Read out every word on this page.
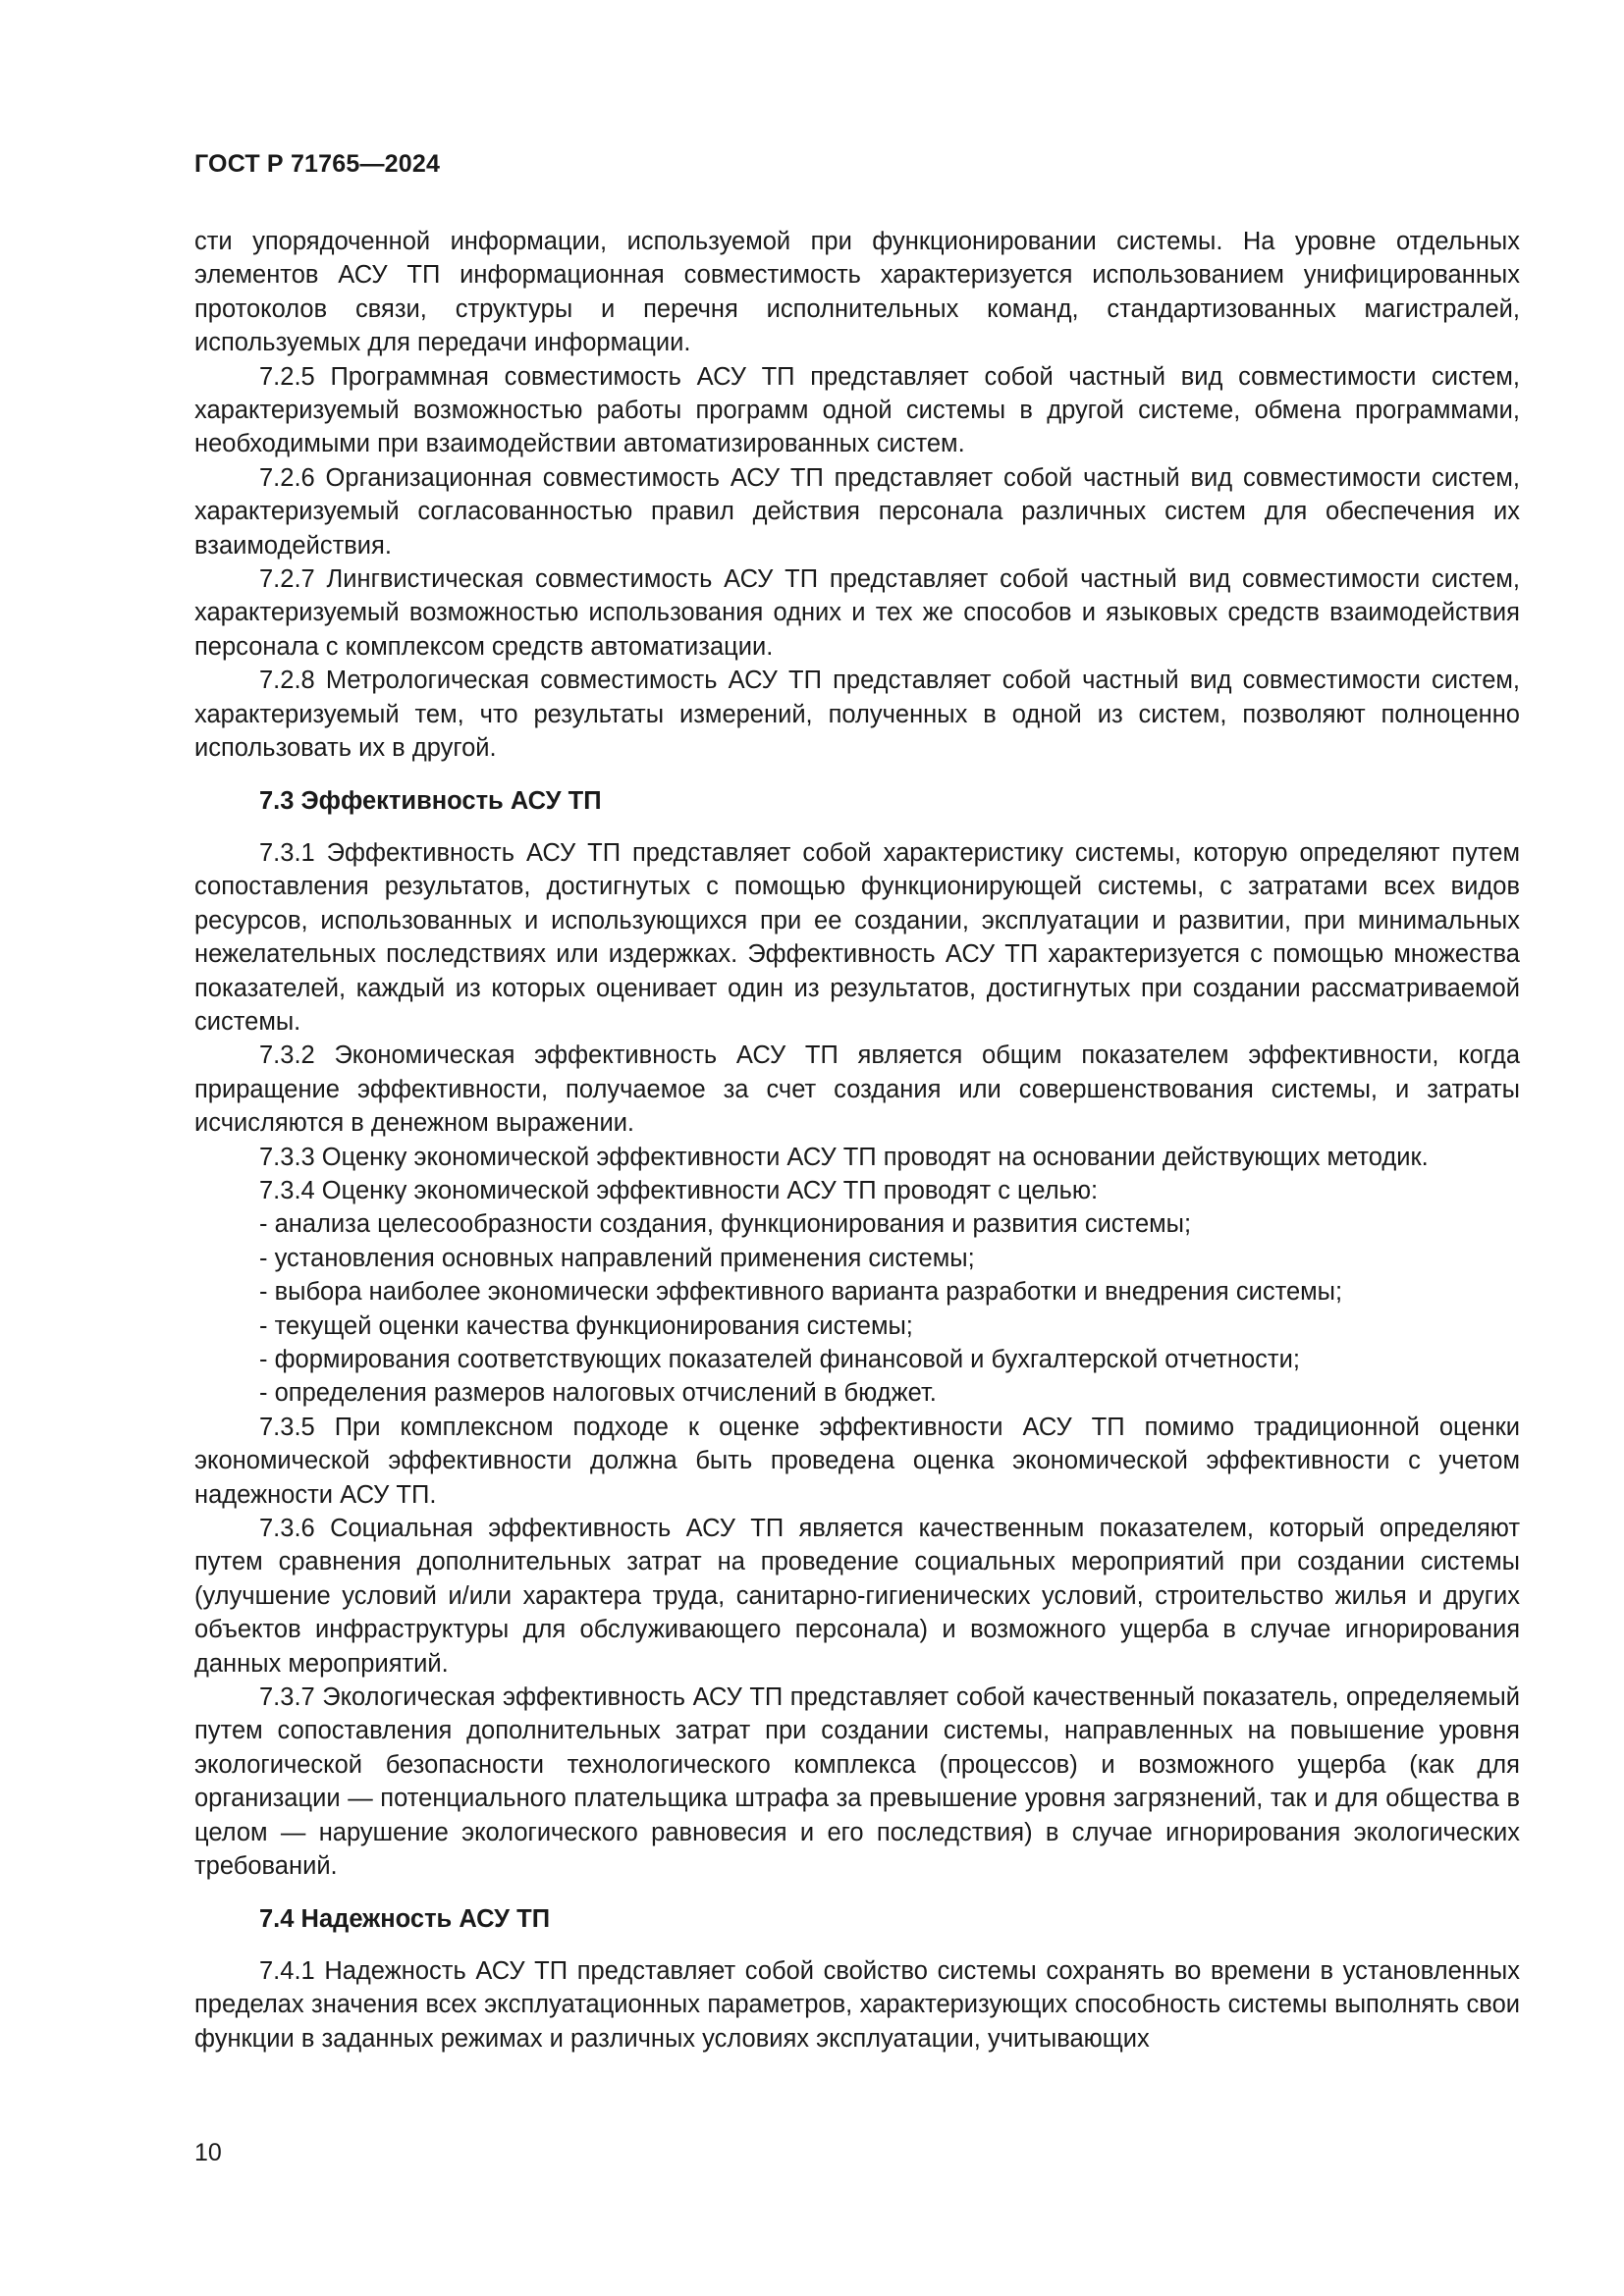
ГОСТ Р 71765—2024

сти упорядоченной информации, используемой при функционировании системы. На уровне отдельных элементов АСУ ТП информационная совместимость характеризуется использованием унифицированных протоколов связи, структуры и перечня исполнительных команд, стандартизованных магистралей, используемых для передачи информации.

7.2.5 Программная совместимость АСУ ТП представляет собой частный вид совместимости систем, характеризуемый возможностью работы программ одной системы в другой системе, обмена программами, необходимыми при взаимодействии автоматизированных систем.

7.2.6 Организационная совместимость АСУ ТП представляет собой частный вид совместимости систем, характеризуемый согласованностью правил действия персонала различных систем для обеспечения их взаимодействия.

7.2.7 Лингвистическая совместимость АСУ ТП представляет собой частный вид совместимости систем, характеризуемый возможностью использования одних и тех же способов и языковых средств взаимодействия персонала с комплексом средств автоматизации.

7.2.8 Метрологическая совместимость АСУ ТП представляет собой частный вид совместимости систем, характеризуемый тем, что результаты измерений, полученных в одной из систем, позволяют полноценно использовать их в другой.

7.3 Эффективность АСУ ТП

7.3.1 Эффективность АСУ ТП представляет собой характеристику системы, которую определяют путем сопоставления результатов, достигнутых с помощью функционирующей системы, с затратами всех видов ресурсов, использованных и использующихся при ее создании, эксплуатации и развитии, при минимальных нежелательных последствиях или издержках. Эффективность АСУ ТП характеризуется с помощью множества показателей, каждый из которых оценивает один из результатов, достигнутых при создании рассматриваемой системы.

7.3.2 Экономическая эффективность АСУ ТП является общим показателем эффективности, когда приращение эффективности, получаемое за счет создания или совершенствования системы, и затраты исчисляются в денежном выражении.

7.3.3 Оценку экономической эффективности АСУ ТП проводят на основании действующих методик.

7.3.4 Оценку экономической эффективности АСУ ТП проводят с целью:

- анализа целесообразности создания, функционирования и развития системы;
- установления основных направлений применения системы;
- выбора наиболее экономически эффективного варианта разработки и внедрения системы;
- текущей оценки качества функционирования системы;
- формирования соответствующих показателей финансовой и бухгалтерской отчетности;
- определения размеров налоговых отчислений в бюджет.

7.3.5 При комплексном подходе к оценке эффективности АСУ ТП помимо традиционной оценки экономической эффективности должна быть проведена оценка экономической эффективности с учетом надежности АСУ ТП.

7.3.6 Социальная эффективность АСУ ТП является качественным показателем, который определяют путем сравнения дополнительных затрат на проведение социальных мероприятий при создании системы (улучшение условий и/или характера труда, санитарно-гигиенических условий, строительство жилья и других объектов инфраструктуры для обслуживающего персонала) и возможного ущерба в случае игнорирования данных мероприятий.

7.3.7 Экологическая эффективность АСУ ТП представляет собой качественный показатель, определяемый путем сопоставления дополнительных затрат при создании системы, направленных на повышение уровня экологической безопасности технологического комплекса (процессов) и возможного ущерба (как для организации — потенциального плательщика штрафа за превышение уровня загрязнений, так и для общества в целом — нарушение экологического равновесия и его последствия) в случае игнорирования экологических требований.

7.4 Надежность АСУ ТП

7.4.1 Надежность АСУ ТП представляет собой свойство системы сохранять во времени в установленных пределах значения всех эксплуатационных параметров, характеризующих способность системы выполнять свои функции в заданных режимах и различных условиях эксплуатации, учитывающих

10
